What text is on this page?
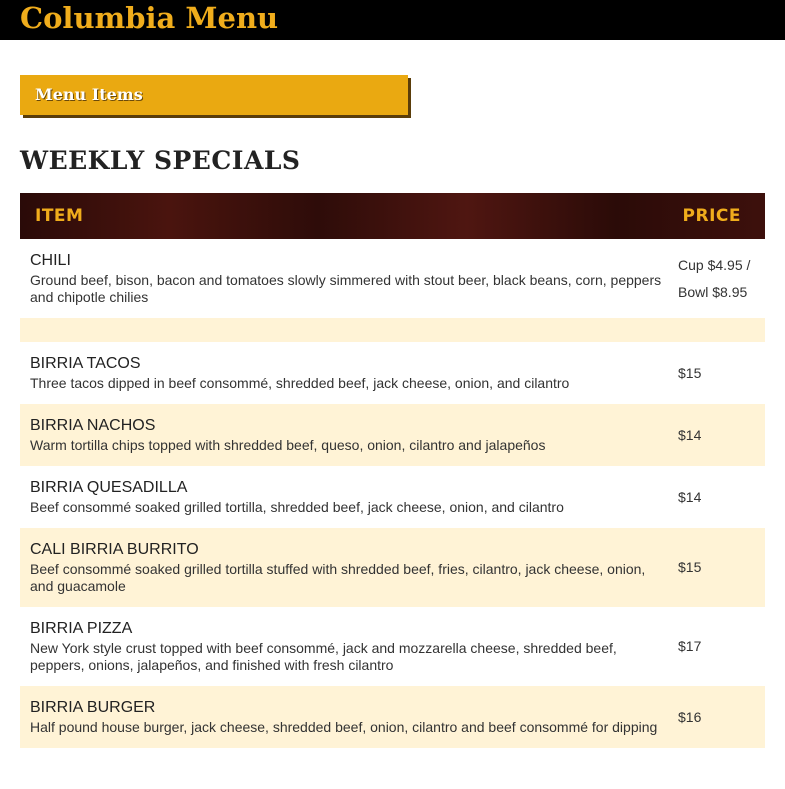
Columbia Menu
Menu Items
WEEKLY SPECIALS
ITEM	PRICE
CHILI
Ground beef, bison, bacon and tomatoes slowly simmered with stout beer, black beans, corn, peppers and chipotle chilies
Cup $4.95 / Bowl $8.95
BIRRIA TACOS
Three tacos dipped in beef consommé, shredded beef, jack cheese, onion, and cilantro
$15
BIRRIA NACHOS
Warm tortilla chips topped with shredded beef, queso, onion, cilantro and jalapeños
$14
BIRRIA QUESADILLA
Beef consommé soaked grilled tortilla, shredded beef, jack cheese, onion, and cilantro
$14
CALI BIRRIA BURRITO
Beef consommé soaked grilled tortilla stuffed with shredded beef, fries, cilantro, jack cheese, onion, and guacamole
$15
BIRRIA PIZZA
New York style crust topped with beef consommé, jack and mozzarella cheese, shredded beef, peppers, onions, jalapeños, and finished with fresh cilantro
$17
BIRRIA BURGER
Half pound house burger, jack cheese, shredded beef, onion, cilantro and beef consommé for dipping
$16
